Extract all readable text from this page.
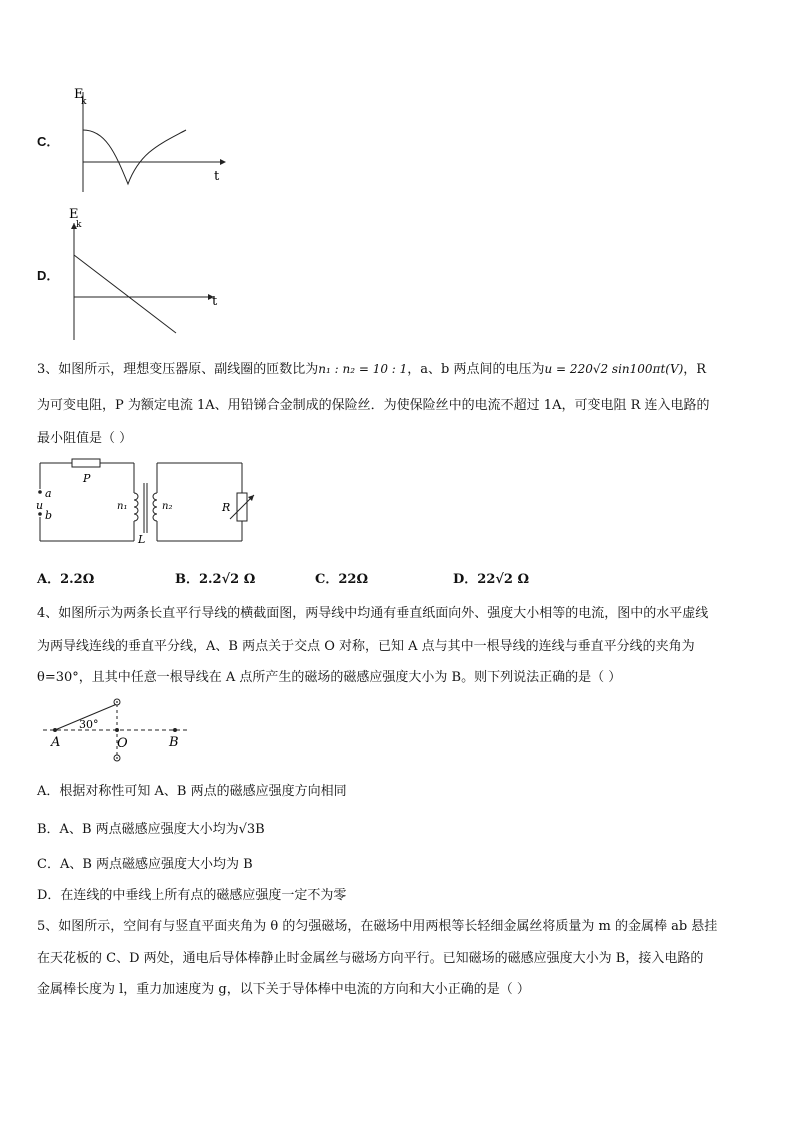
C．
E
k
t
D．
E
k
t
3、如图所示，理想变压器原、副线圈的匝数比为n₁ : n₂ = 10 : 1，a、b 两点间的电压为u = 220√2 sin100πt(V)，R
为可变电阻，P 为额定电流 1A、用铅锑合金制成的保险丝．为使保险丝中的电流不超过 1A，可变电阻 R 连入电路的
最小阻值是（ ）
P
a
u
b
n₁	n₂
L
R
A．2.2Ω	B．2.2√2 Ω	C．22Ω	D．22√2 Ω
4、如图所示为两条长直平行导线的横截面图，两导线中均通有垂直纸面向外、强度大小相等的电流，图中的水平虚线
为两导线连线的垂直平分线，A、B 两点关于交点 O 对称，已知 A 点与其中一根导线的连线与垂直平分线的夹角为
θ=30°，且其中任意一根导线在 A 点所产生的磁场的磁感应强度大小为 B。则下列说法正确的是（ ）
30°
A	O	B
A．根据对称性可知 A、B 两点的磁感应强度方向相同
B．A、B 两点磁感应强度大小均为√3B
C．A、B 两点磁感应强度大小均为 B
D．在连线的中垂线上所有点的磁感应强度一定不为零
5、如图所示，空间有与竖直平面夹角为 θ 的匀强磁场，在磁场中用两根等长轻细金属丝将质量为 m 的金属棒 ab 悬挂
在天花板的 C、D 两处，通电后导体棒静止时金属丝与磁场方向平行。已知磁场的磁感应强度大小为 B，接入电路的
金属棒长度为 l，重力加速度为 g，以下关于导体棒中电流的方向和大小正确的是（ ）
